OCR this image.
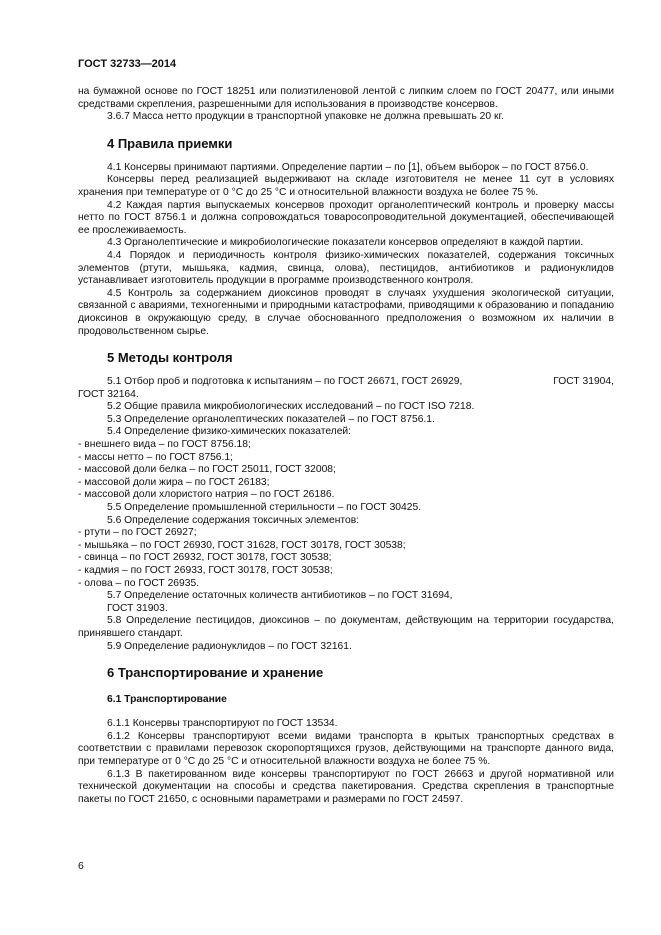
ГОСТ 32733—2014

на бумажной основе по ГОСТ 18251 или полиэтиленовой лентой с липким слоем по ГОСТ 20477, или иными средствами скрепления, разрешенными для использования в производстве консервов.

3.6.7 Масса нетто продукции в транспортной упаковке не должна превышать 20 кг.

4 Правила приемки

4.1 Консервы принимают партиями. Определение партии – по [1], объем выборок – по ГОСТ 8756.0.

Консервы перед реализацией выдерживают на складе изготовителя не менее 11 сут в условиях хранения при температуре от 0 °С до 25 °С и относительной влажности воздуха не более 75 %.

4.2 Каждая партия выпускаемых консервов проходит органолептический контроль и проверку массы нетто по ГОСТ 8756.1 и должна сопровождаться товаросопроводительной документацией, обеспечивающей ее прослеживаемость.

4.3 Органолептические и микробиологические показатели консервов определяют в каждой партии.

4.4 Порядок и периодичность контроля физико-химических показателей, содержания токсичных элементов (ртути, мышьяка, кадмия, свинца, олова), пестицидов, антибиотиков и радионуклидов устанавливает изготовитель продукции в программе производственного контроля.

4.5 Контроль за содержанием диоксинов проводят в случаях ухудшения экологической ситуации, связанной с авариями, техногенными и природными катастрофами, приводящими к образованию и попаданию диоксинов в окружающую среду, в случае обоснованного предположения о возможном их наличии в продовольственном сырье.

5 Методы контроля

5.1 Отбор проб и подготовка к испытаниям – по ГОСТ 26671, ГОСТ 26929,	ГОСТ 31904,

ГОСТ 32164.

5.2 Общие правила микробиологических исследований – по ГОСТ ISO 7218.

5.3 Определение органолептических показателей – по ГОСТ 8756.1.

5.4 Определение физико-химических показателей:

- внешнего вида – по ГОСТ 8756.18;

- массы нетто – по ГОСТ 8756.1;

- массовой доли белка – по ГОСТ 25011, ГОСТ 32008;

- массовой доли жира – по ГОСТ 26183;

- массовой доли хлористого натрия – по ГОСТ 26186.

5.5 Определение промышленной стерильности – по ГОСТ 30425.

5.6 Определение содержания токсичных элементов:

- ртути – по ГОСТ 26927;

- мышьяка – по ГОСТ 26930, ГОСТ 31628, ГОСТ 30178, ГОСТ 30538;

- свинца – по ГОСТ 26932, ГОСТ 30178, ГОСТ 30538;

- кадмия – по ГОСТ 26933, ГОСТ 30178, ГОСТ 30538;

- олова – по ГОСТ 26935.

5.7 Определение остаточных количеств антибиотиков – по ГОСТ 31694,

ГОСТ 31903.

5.8 Определение пестицидов, диоксинов – по документам, действующим на территории государства, принявшего стандарт.

5.9 Определение радионуклидов – по ГОСТ 32161.

6 Транспортирование и хранение
6.1 Транспортирование

6.1.1 Консервы транспортируют по ГОСТ 13534.

6.1.2 Консервы транспортируют всеми видами транспорта в крытых транспортных средствах в соответствии с правилами перевозок скоропортящихся грузов, действующими на транспорте данного вида, при температуре от 0 °С до 25 °С и относительной влажности воздуха не более 75 %.

6.1.3 В пакетированном виде консервы транспортируют по ГОСТ 26663 и другой нормативной или технической документации на способы и средства пакетирования. Средства скрепления в транспортные пакеты по ГОСТ 21650, с основными параметрами и размерами по ГОСТ 24597.

6
